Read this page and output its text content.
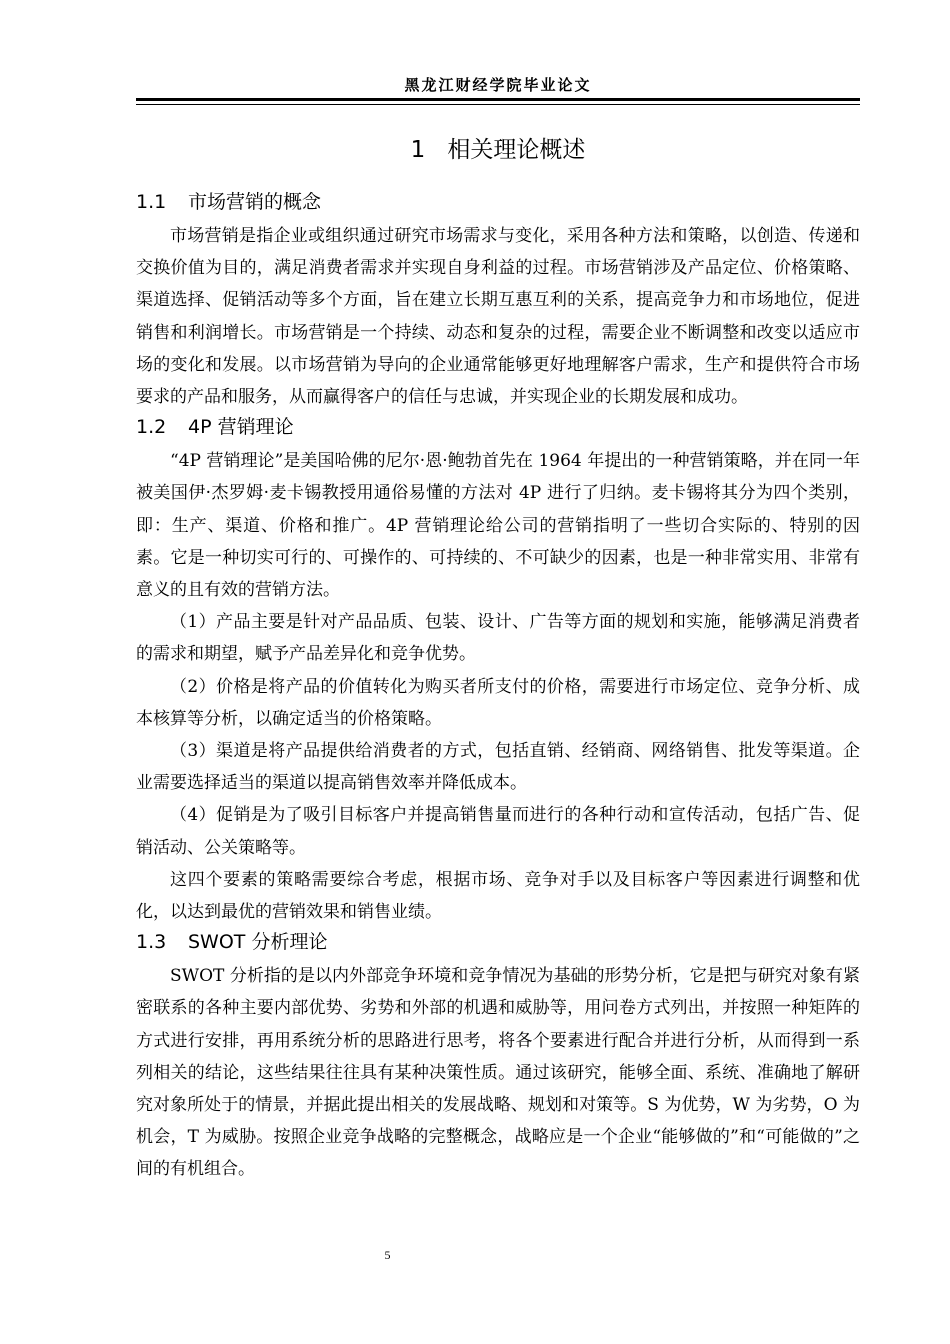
黑龙江财经学院毕业论文
1 相关理论概述
1.1 市场营销的概念

市场营销是指企业或组织通过研究市场需求与变化，采用各种方法和策略，以创造、传递和交换价值为目的，满足消费者需求并实现自身利益的过程。市场营销涉及产品定位、价格策略、渠道选择、促销活动等多个方面，旨在建立长期互惠互利的关系，提高竞争力和市场地位，促进销售和利润增长。市场营销是一个持续、动态和复杂的过程，需要企业不断调整和改变以适应市场的变化和发展。以市场营销为导向的企业通常能够更好地理解客户需求，生产和提供符合市场要求的产品和服务，从而赢得客户的信任与忠诚，并实现企业的长期发展和成功。

1.2 4P 营销理论

“4P 营销理论”是美国哈佛的尼尔·恩·鲍勃首先在 1964 年提出的一种营销策略，并在同一年被美国伊·杰罗姆·麦卡锡教授用通俗易懂的方法对 4P 进行了归纳。麦卡锡将其分为四个类别，即：生产、渠道、价格和推广。4P 营销理论给公司的营销指明了一些切合实际的、特别的因素。它是一种切实可行的、可操作的、可持续的、不可缺少的因素，也是一种非常实用、非常有意义的且有效的营销方法。

（1）产品主要是针对产品品质、包装、设计、广告等方面的规划和实施，能够满足消费者的需求和期望，赋予产品差异化和竞争优势。

（2）价格是将产品的价值转化为购买者所支付的价格，需要进行市场定位、竞争分析、成本核算等分析，以确定适当的价格策略。

（3）渠道是将产品提供给消费者的方式，包括直销、经销商、网络销售、批发等渠道。企业需要选择适当的渠道以提高销售效率并降低成本。

（4）促销是为了吸引目标客户并提高销售量而进行的各种行动和宣传活动，包括广告、促销活动、公关策略等。

这四个要素的策略需要综合考虑，根据市场、竞争对手以及目标客户等因素进行调整和优化，以达到最优的营销效果和销售业绩。

1.3 SWOT 分析理论

SWOT 分析指的是以内外部竞争环境和竞争情况为基础的形势分析，它是把与研究对象有紧密联系的各种主要内部优势、劣势和外部的机遇和威胁等，用问卷方式列出，并按照一种矩阵的方式进行安排，再用系统分析的思路进行思考，将各个要素进行配合并进行分析，从而得到一系列相关的结论，这些结果往往具有某种决策性质。通过该研究，能够全面、系统、准确地了解研究对象所处于的情景，并据此提出相关的发展战略、规划和对策等。S 为优势，W 为劣势，O 为机会，T 为威胁。按照企业竞争战略的完整概念，战略应是一个企业“能够做的”和“可能做的”之间的有机组合。

5
